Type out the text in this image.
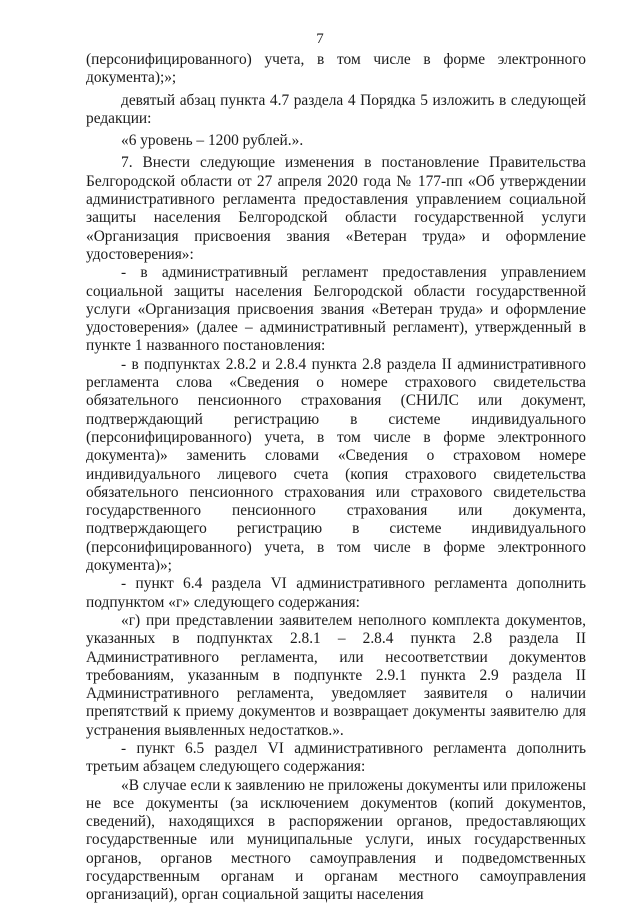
7

(персонифицированного) учета, в том числе в форме электронного документа);»;

девятый абзац пункта 4.7 раздела 4 Порядка 5 изложить в следующей редакции:

«6 уровень – 1200 рублей.».

7. Внести следующие изменения в постановление Правительства Белгородской области от 27 апреля 2020 года № 177-пп «Об утверждении административного регламента предоставления управлением социальной защиты населения Белгородской области государственной услуги «Организация присвоения звания «Ветеран труда» и оформление удостоверения»:

- в административный регламент предоставления управлением социальной защиты населения Белгородской области государственной услуги «Организация присвоения звания «Ветеран труда» и оформление удостоверения» (далее – административный регламент), утвержденный в пункте 1 названного постановления:

- в подпунктах 2.8.2 и 2.8.4 пункта 2.8 раздела II административного регламента слова «Сведения о номере страхового свидетельства обязательного пенсионного страхования (СНИЛС или документ, подтверждающий регистрацию в системе индивидуального (персонифицированного) учета, в том числе в форме электронного документа)» заменить словами «Сведения о страховом номере индивидуального лицевого счета (копия страхового свидетельства обязательного пенсионного страхования или страхового свидетельства государственного пенсионного страхования или документа, подтверждающего регистрацию в системе индивидуального (персонифицированного) учета, в том числе в форме электронного документа)»;

- пункт 6.4 раздела VI административного регламента дополнить подпунктом «г» следующего содержания:

«г) при представлении заявителем неполного комплекта документов, указанных в подпунктах 2.8.1 – 2.8.4 пункта 2.8 раздела II Административного регламента, или несоответствии документов требованиям, указанным в подпункте 2.9.1 пункта 2.9 раздела II Административного регламента, уведомляет заявителя о наличии препятствий к приему документов и возвращает документы заявителю для устранения выявленных недостатков.».

- пункт 6.5 раздел VI административного регламента дополнить третьим абзацем следующего содержания:

«В случае если к заявлению не приложены документы или приложены не все документы (за исключением документов (копий документов, сведений), находящихся в распоряжении органов, предоставляющих государственные или муниципальные услуги, иных государственных органов, органов местного самоуправления и подведомственных государственным органам и органам местного самоуправления организаций), орган социальной защиты населения
